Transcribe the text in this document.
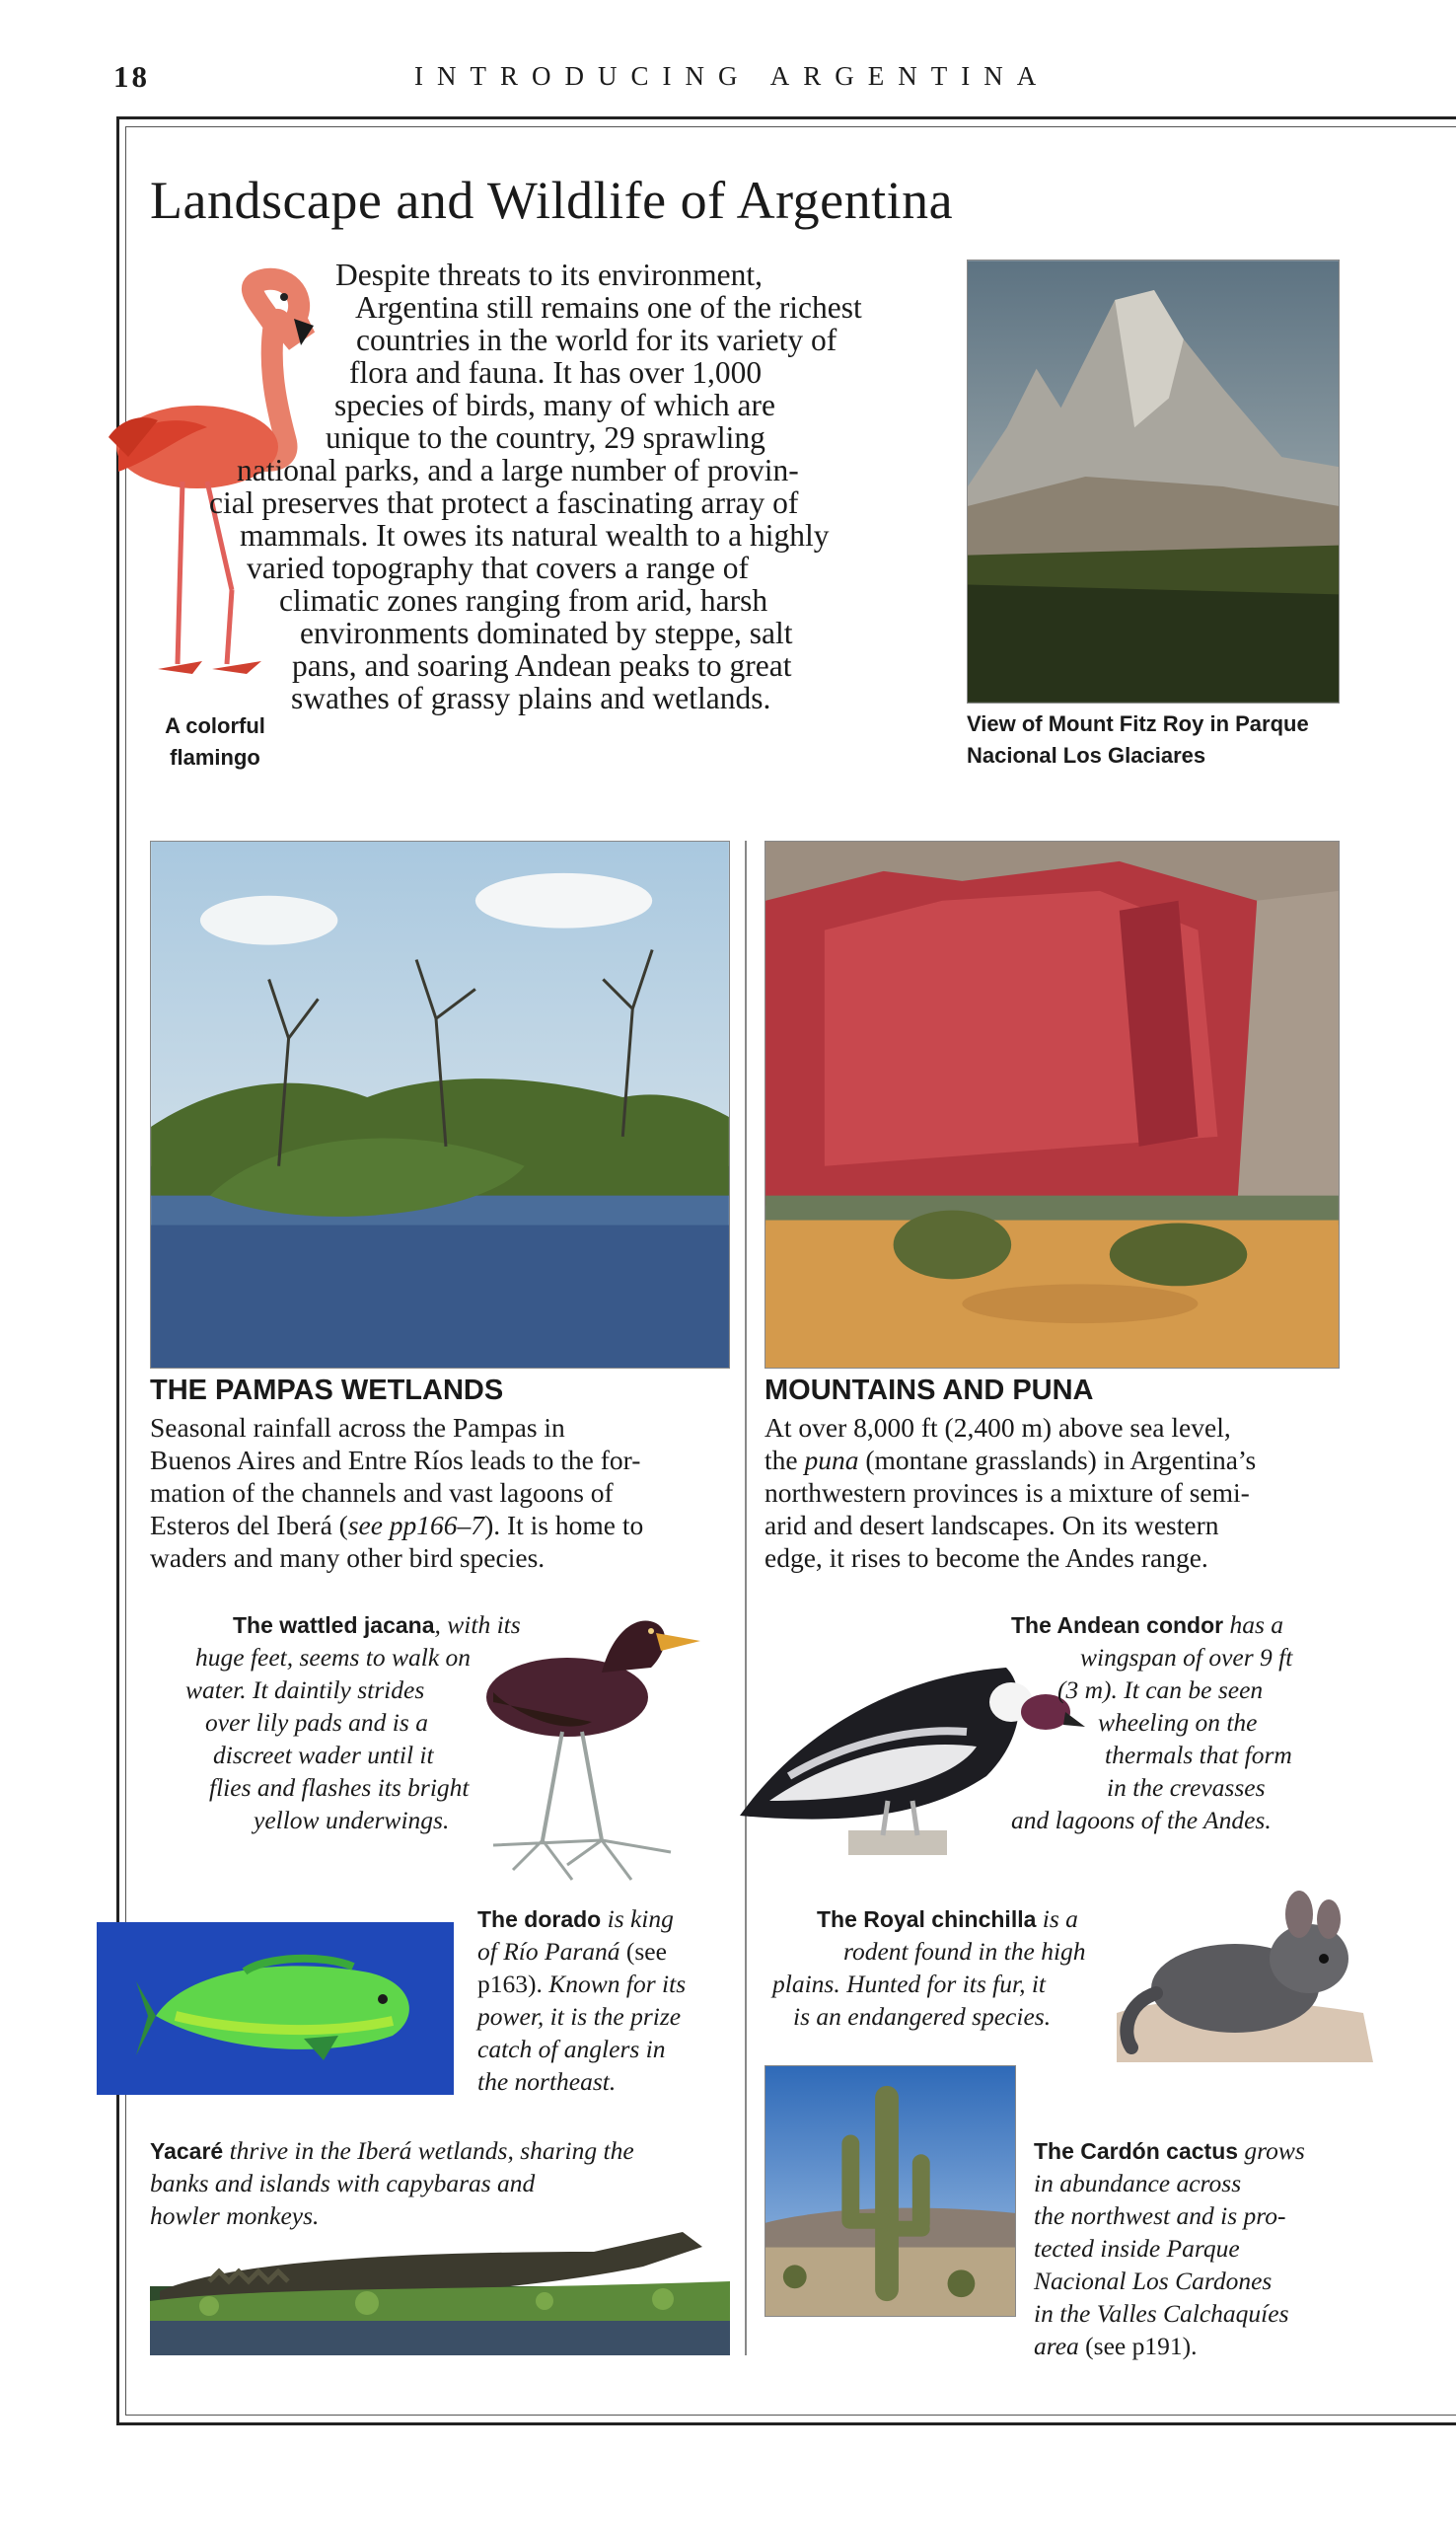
18	INTRODUCING ARGENTINA
Landscape and Wildlife of Argentina
A colorful
flamingo
Despite threats to its environment,
Argentina still remains one of the richest
countries in the world for its variety of
flora and fauna. It has over 1,000
species of birds, many of which are
unique to the country, 29 sprawling
national parks, and a large number of provin-
cial preserves that protect a fascinating array of
mammals. It owes its natural wealth to a highly
varied topography that covers a range of
climatic zones ranging from arid, harsh
environments dominated by steppe, salt
pans, and soaring Andean peaks to great
swathes of grassy plains and wetlands.
View of Mount Fitz Roy in Parque
Nacional Los Glaciares
THE PAMPAS WETLANDS
Seasonal rainfall across the Pampas in
Buenos Aires and Entre Ríos leads to the for-
mation of the channels and vast lagoons of
Esteros del Iberá (see pp166–7). It is home to
waders and many other bird species.
MOUNTAINS AND PUNA
At over 8,000 ft (2,400 m) above sea level,
the puna (montane grasslands) in Argentina’s
northwestern provinces is a mixture of semi-
arid and desert landscapes. On its western
edge, it rises to become the Andes range.
The wattled jacana, with its
huge feet, seems to walk on
water. It daintily strides
over lily pads and is a
discreet wader until it
flies and flashes its bright
yellow underwings.
The Andean condor has a
wingspan of over 9 ft
(3 m). It can be seen
wheeling on the
thermals that form
in the crevasses
and lagoons of the Andes.
The dorado is king
of Río Paraná (see
p163). Known for its
power, it is the prize
catch of anglers in
the northeast.
The Royal chinchilla is a
rodent found in the high
plains. Hunted for its fur, it
is an endangered species.
Yacaré thrive in the Iberá wetlands, sharing the
banks and islands with capybaras and
howler monkeys.
The Cardón cactus grows
in abundance across
the northwest and is pro-
tected inside Parque
Nacional Los Cardones
in the Valles Calchaquíes
area (see p191).
